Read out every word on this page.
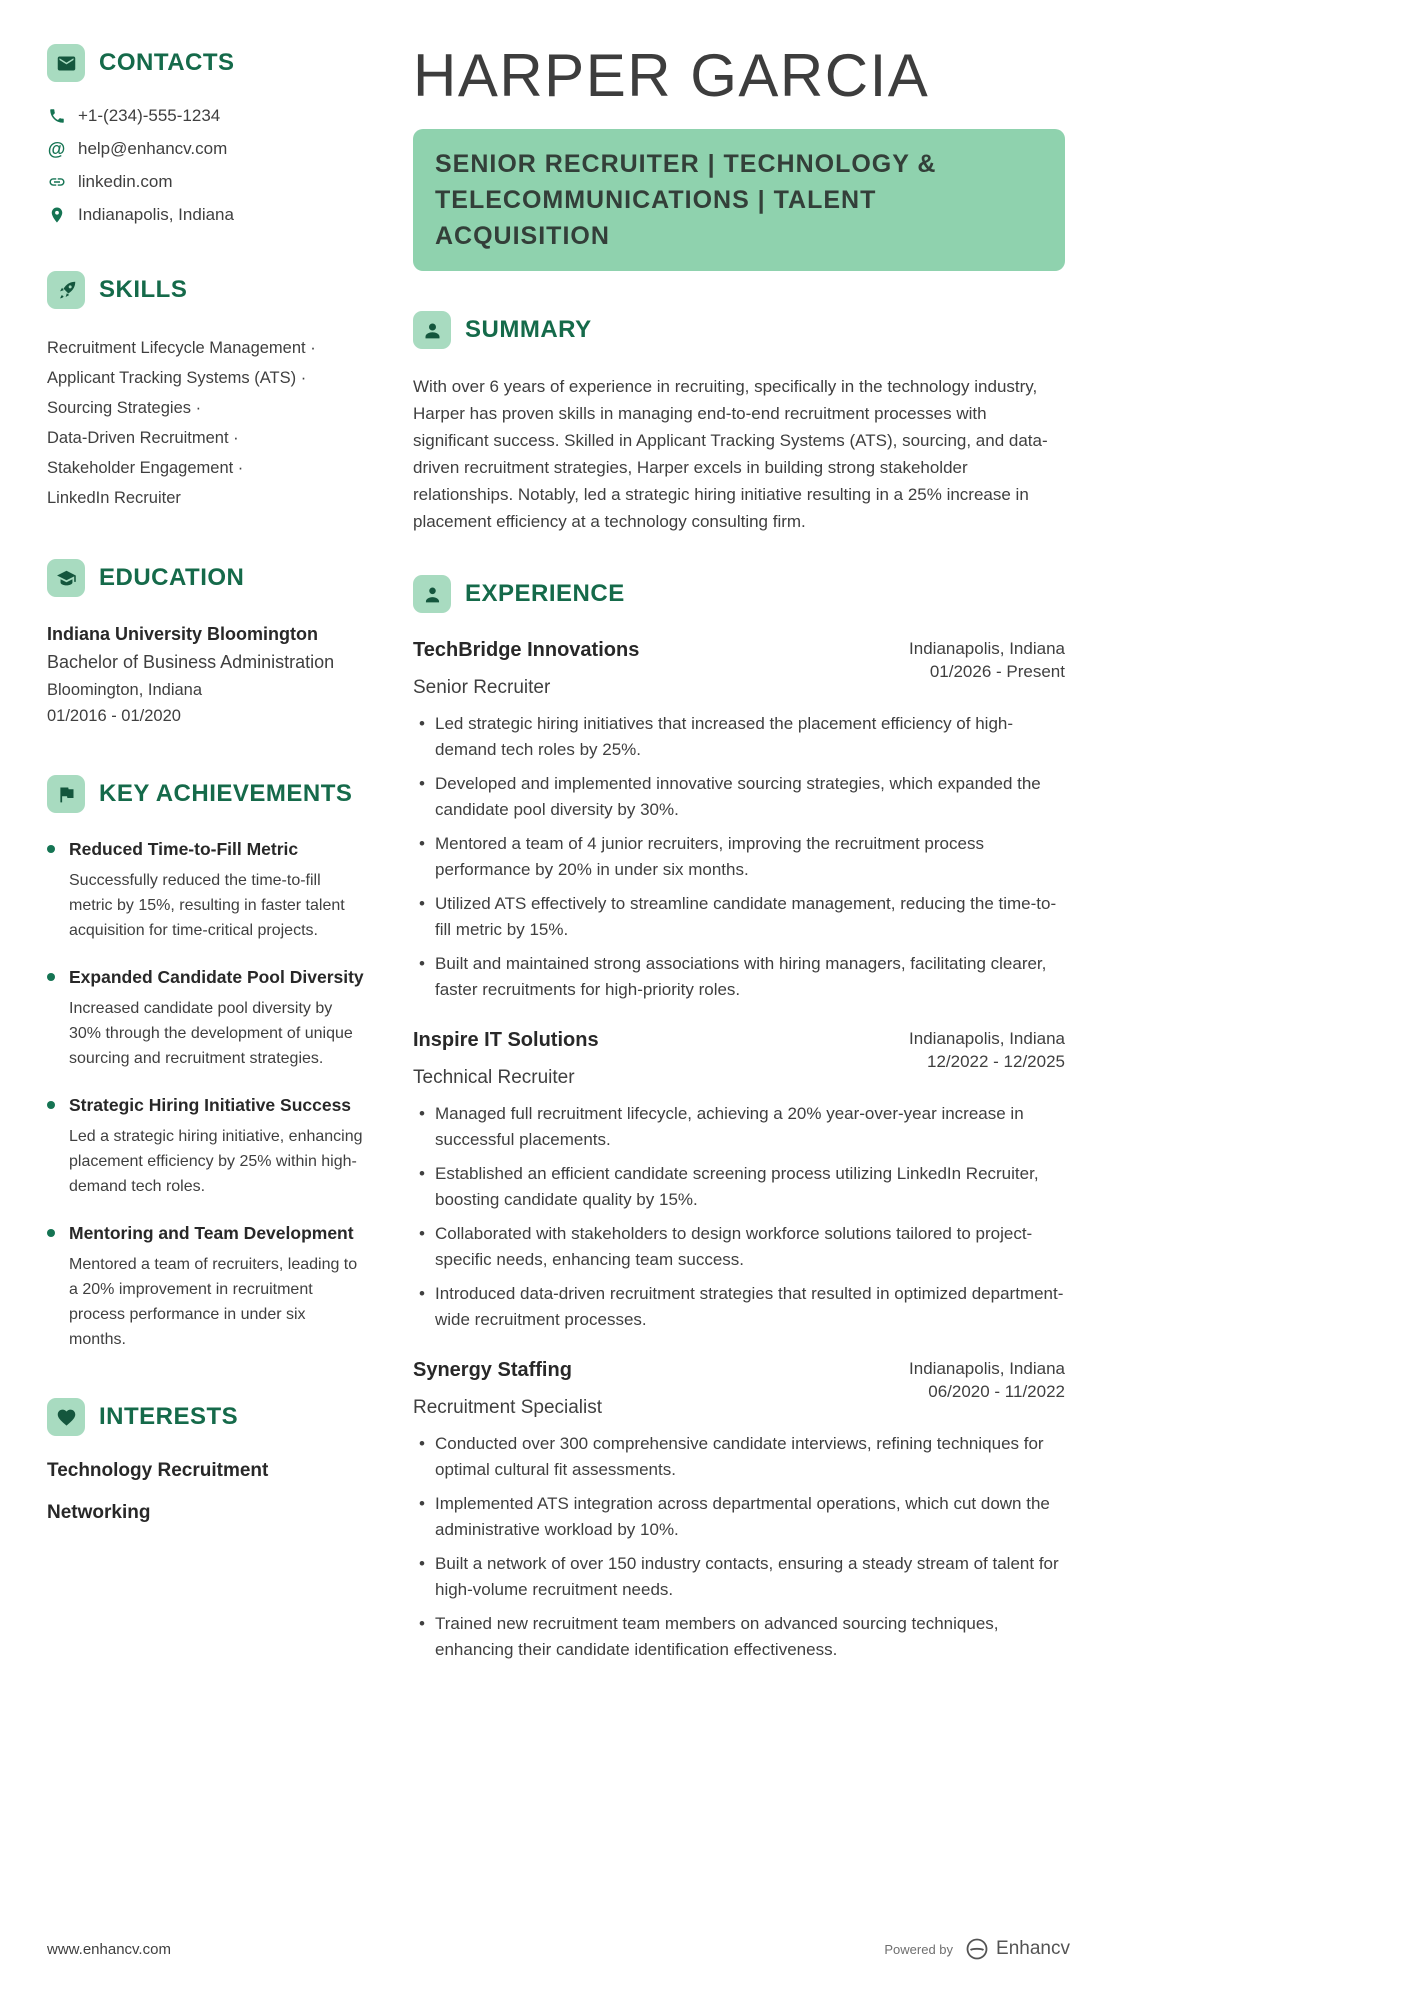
CONTACTS
+1-(234)-555-1234
@ help@enhancv.com
linkedin.com
Indianapolis, Indiana
SKILLS
Recruitment Lifecycle Management ·
Applicant Tracking Systems (ATS) ·
Sourcing Strategies ·
Data-Driven Recruitment ·
Stakeholder Engagement ·
LinkedIn Recruiter
EDUCATION
Indiana University Bloomington
Bachelor of Business Administration
Bloomington, Indiana
01/2016 - 01/2020
KEY ACHIEVEMENTS
Reduced Time-to-Fill Metric
Successfully reduced the time-to-fill metric by 15%, resulting in faster talent acquisition for time-critical projects.
Expanded Candidate Pool Diversity
Increased candidate pool diversity by 30% through the development of unique sourcing and recruitment strategies.
Strategic Hiring Initiative Success
Led a strategic hiring initiative, enhancing placement efficiency by 25% within high-demand tech roles.
Mentoring and Team Development
Mentored a team of recruiters, leading to a 20% improvement in recruitment process performance in under six months.
INTERESTS
Technology Recruitment
Networking
HARPER GARCIA
SENIOR RECRUITER | TECHNOLOGY & TELECOMMUNICATIONS | TALENT ACQUISITION
SUMMARY

With over 6 years of experience in recruiting, specifically in the technology industry, Harper has proven skills in managing end-to-end recruitment processes with significant success. Skilled in Applicant Tracking Systems (ATS), sourcing, and data-driven recruitment strategies, Harper excels in building strong stakeholder relationships. Notably, led a strategic hiring initiative resulting in a 25% increase in placement efficiency at a technology consulting firm.

EXPERIENCE
TechBridge Innovations
Senior Recruiter
Indianapolis, Indiana
01/2026 - Present
• Led strategic hiring initiatives that increased the placement efficiency of high-demand tech roles by 25%.
• Developed and implemented innovative sourcing strategies, which expanded the candidate pool diversity by 30%.
• Mentored a team of 4 junior recruiters, improving the recruitment process performance by 20% in under six months.
• Utilized ATS effectively to streamline candidate management, reducing the time-to-fill metric by 15%.
• Built and maintained strong associations with hiring managers, facilitating clearer, faster recruitments for high-priority roles.
Inspire IT Solutions
Technical Recruiter
Indianapolis, Indiana
12/2022 - 12/2025
• Managed full recruitment lifecycle, achieving a 20% year-over-year increase in successful placements.
• Established an efficient candidate screening process utilizing LinkedIn Recruiter, boosting candidate quality by 15%.
• Collaborated with stakeholders to design workforce solutions tailored to project-specific needs, enhancing team success.
• Introduced data-driven recruitment strategies that resulted in optimized department-wide recruitment processes.
Synergy Staffing
Recruitment Specialist
Indianapolis, Indiana
06/2020 - 11/2022
• Conducted over 300 comprehensive candidate interviews, refining techniques for optimal cultural fit assessments.
• Implemented ATS integration across departmental operations, which cut down the administrative workload by 10%.
• Built a network of over 150 industry contacts, ensuring a steady stream of talent for high-volume recruitment needs.
• Trained new recruitment team members on advanced sourcing techniques, enhancing their candidate identification effectiveness.
www.enhancv.com	Powered by Enhancv
